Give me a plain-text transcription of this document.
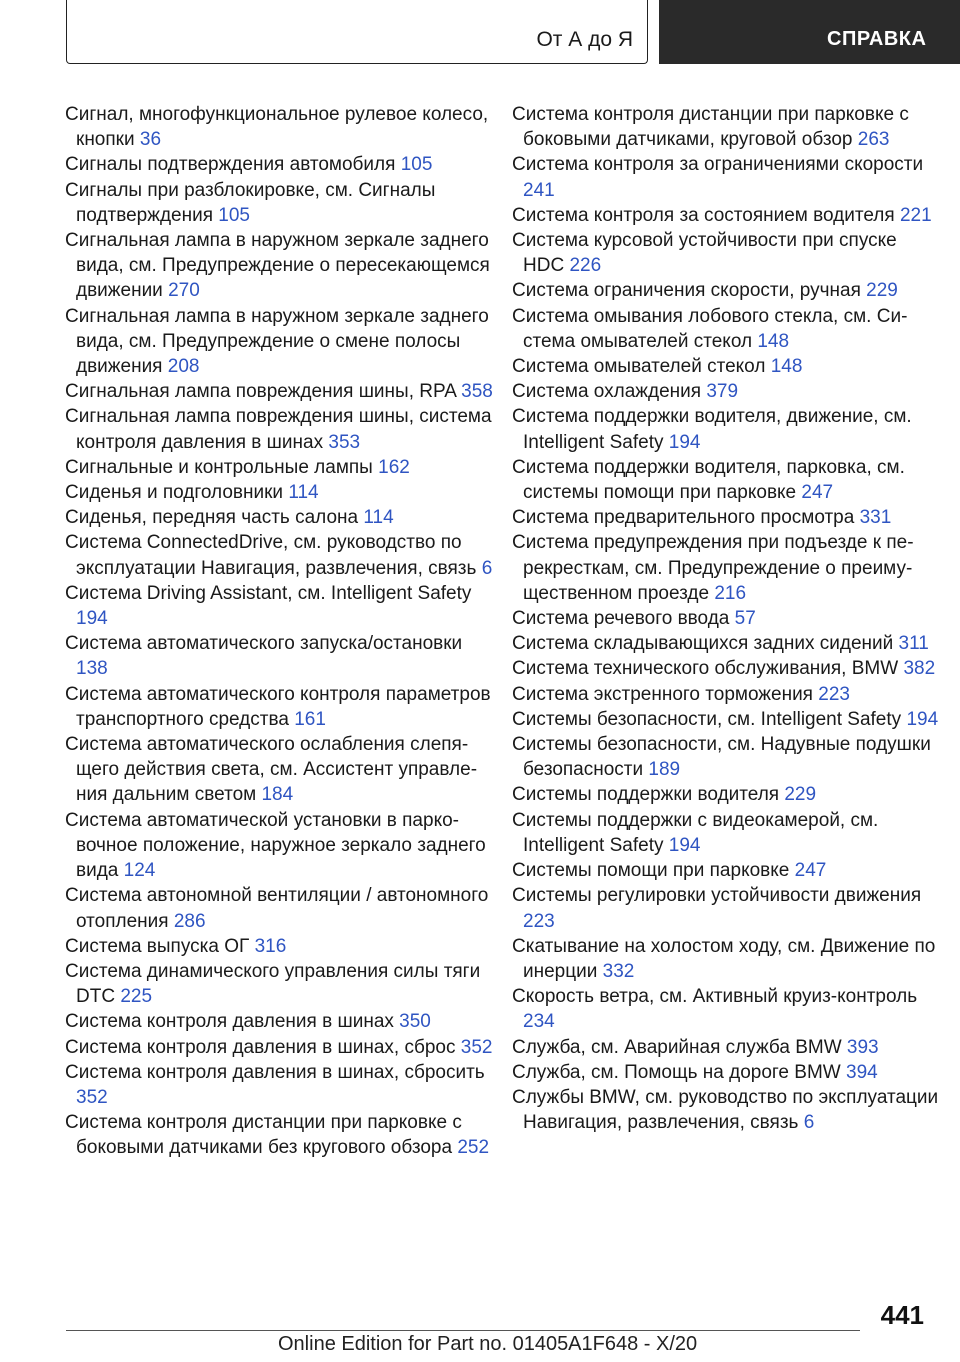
От А до Я	СПРАВКА
Сигнал, многофункциональное рулевое колесо, кнопки 36
Сигналы подтверждения автомобиля 105
Сигналы при разблокировке, см. Сигналы подтверждения 105
Сигнальная лампа в наружном зеркале заднего вида, см. Предупреждение о пересекающемся движении 270
Сигнальная лампа в наружном зеркале заднего вида, см. Предупреждение о смене полосы движения 208
Сигнальная лампа повреждения шины, RPA 358
Сигнальная лампа повреждения шины, система контроля давления в шинах 353
Сигнальные и контрольные лампы 162
Сиденья и подголовники 114
Сиденья, передняя часть салона 114
Система ConnectedDrive, см. руководство по эксплуатации Навигация, развлечения, связь 6
Система Driving Assistant, см. Intelligent Safety 194
Система автоматического запуска/остановки 138
Система автоматического контроля параметров транспортного средства 161
Система автоматического ослабления слепящего действия света, см. Ассистент управления дальним светом 184
Система автоматической установки в парковочное положение, наружное зеркало заднего вида 124
Система автономной вентиляции / автономного отопления 286
Система выпуска ОГ 316
Система динамического управления силы тяги DTC 225
Система контроля давления в шинах 350
Система контроля давления в шинах, сброс 352
Система контроля давления в шинах, сбросить 352
Система контроля дистанции при парковке с боковыми датчиками без кругового обзора 252
Система контроля дистанции при парковке с боковыми датчиками, круговой обзор 263
Система контроля за ограничениями скорости 241
Система контроля за состоянием водителя 221
Система курсовой устойчивости при спуске HDC 226
Система ограничения скорости, ручная 229
Система омывания лобового стекла, см. Система омывателей стекол 148
Система омывателей стекол 148
Система охлаждения 379
Система поддержки водителя, движение, см. Intelligent Safety 194
Система поддержки водителя, парковка, см. системы помощи при парковке 247
Система предварительного просмотра 331
Система предупреждения при подъезде к перекресткам, см. Предупреждение о преимущественном проезде 216
Система речевого ввода 57
Система складывающихся задних сидений 311
Система технического обслуживания, BMW 382
Система экстренного торможения 223
Системы безопасности, см. Intelligent Safety 194
Системы безопасности, см. Надувные подушки безопасности 189
Системы поддержки водителя 229
Системы поддержки с видеокамерой, см. Intelligent Safety 194
Системы помощи при парковке 247
Системы регулировки устойчивости движения 223
Скатывание на холостом ходу, см. Движение по инерции 332
Скорость ветра, см. Активный круиз-контроль 234
Служба, см. Аварийная служба BMW 393
Служба, см. Помощь на дороге BMW 394
Службы BMW, см. руководство по эксплуатации Навигация, развлечения, связь 6
441
Online Edition for Part no. 01405A1F648 - X/20
